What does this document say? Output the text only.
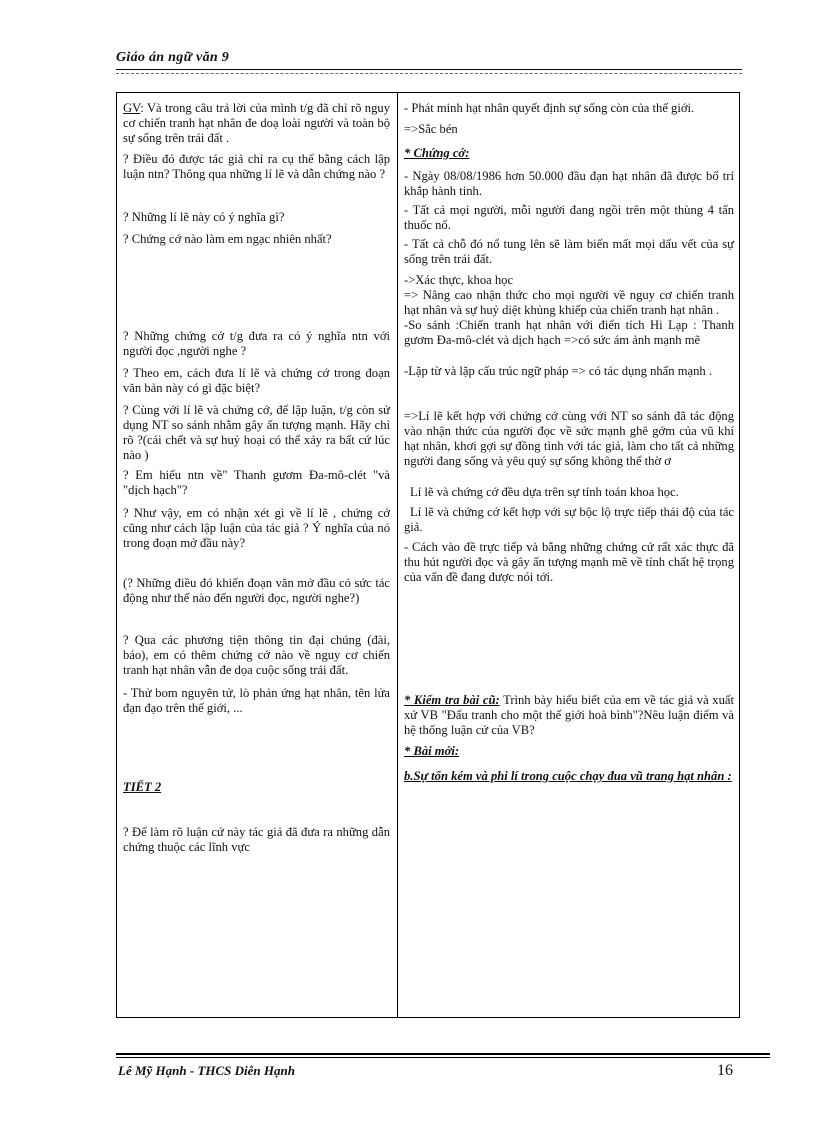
Giáo án ngữ văn 9

GV: Và trong câu trả lời của mình t/g đã chỉ rõ nguy cơ chiến tranh hạt nhân đe doạ loài người và toàn bộ sự sống trên trái đất .

? Điều đó được tác giả chỉ ra cụ thể bằng cách lập luận ntn? Thông qua những lí lẽ và dẫn chứng nào ?

? Những lí lẽ này có ý nghĩa gì?

? Chứng cớ nào làm em ngạc nhiên nhất?

? Những chứng cớ t/g đưa ra có ý nghĩa ntn với người đọc ,người nghe ?

? Theo em, cách đưa lí lẽ và chứng cớ trong đoạn văn bản này có gì đặc biệt?

? Cùng với lí lẽ và chứng cớ, để lập luận, t/g còn sử dụng NT so sánh nhằm gây ấn tượng mạnh. Hãy chỉ rõ ?(cái chết và sự huỷ hoại có thể xảy ra bất cứ lúc nào )

? Em hiểu ntn về" Thanh gươm Đa-mô-clét "và "dịch hạch"?

? Như vậy, em có nhận xét gì về lí lẽ , chứng cớ cũng như cách lập luận của tác giả ? Ý nghĩa của nó trong đoạn mở đầu này?

(? Những điều đó khiến đoạn văn mở đầu có sức tác động như thế nào đến người đọc, người nghe?)

? Qua các phương tiện thông tin đại chúng (đài, báo), em có thêm chứng cớ nào về nguy cơ chiến tranh hạt nhân vẫn đe dọa cuộc sống trái đất.

- Thử bom nguyên tử, lò phản ứng hạt nhân, tên lửa đạn đạo trên thế giới, ...

TIẾT 2

? Để làm rõ luận cứ này tác giả đã đưa ra những dẫn chứng thuộc các lĩnh vực

- Phát minh hạt nhân quyết định sự sống còn của thế giới.

=>Sắc bén

* Chứng cớ:

- Ngày 08/08/1986 hơn 50.000 đầu đạn hạt nhân đã được bố trí khắp hành tinh.

- Tất cả mọi người, mỗi người đang ngồi trên một thùng 4 tấn thuốc nổ.

- Tất cả chỗ đó nổ tung lên sẽ làm biến mất mọi dấu vết của sự sống trên trái đất.

->Xác thực, khoa học

=> Nâng cao nhận thức cho mọi người về nguy cơ chiến tranh hạt nhân và sự huỷ diệt khủng khiếp của chiến tranh hạt nhân .

-So sánh :Chiến tranh hạt nhân với điển tích Hi Lạp : Thanh gươm Đa-mô-clét và dịch hạch =>có sức ám ảnh mạnh mẽ

-Lặp từ và lặp cấu trúc ngữ pháp => có tác dụng nhấn mạnh .

=>Lí lẽ kết hợp với chứng cớ cùng với NT so sánh đã tác động vào nhận thức của người đọc về sức mạnh ghê gớm của vũ khí hạt nhân, khơi gợi sự đồng tình với tác giả, làm cho tất cả những người đang sống và yêu quý sự sống không thể thờ ơ

Lí lẽ và chứng cớ đều dựa trên sự tính toán khoa học.

Lí lẽ và chứng cớ kết hợp với sự bộc lộ trực tiếp thái độ của tác giả.

- Cách vào đề trực tiếp và bằng những chứng cứ rất xác thực đã thu hút người đọc và gây ấn tượng mạnh mẽ về tính chất hệ trọng của vấn đề đang được nói tới.

* Kiểm tra bài cũ: Trình bày hiểu biết của em về tác giả và xuất xứ VB "Đấu tranh cho một thế giới hoà bình"?Nêu luận điểm và hệ thống luận cứ của VB?

* Bài mới:

b.Sự tốn kém và phi lí trong cuộc chạy đua vũ trang hạt nhân :

Lê Mỹ Hạnh - THCS Diễn Hạnh	16
